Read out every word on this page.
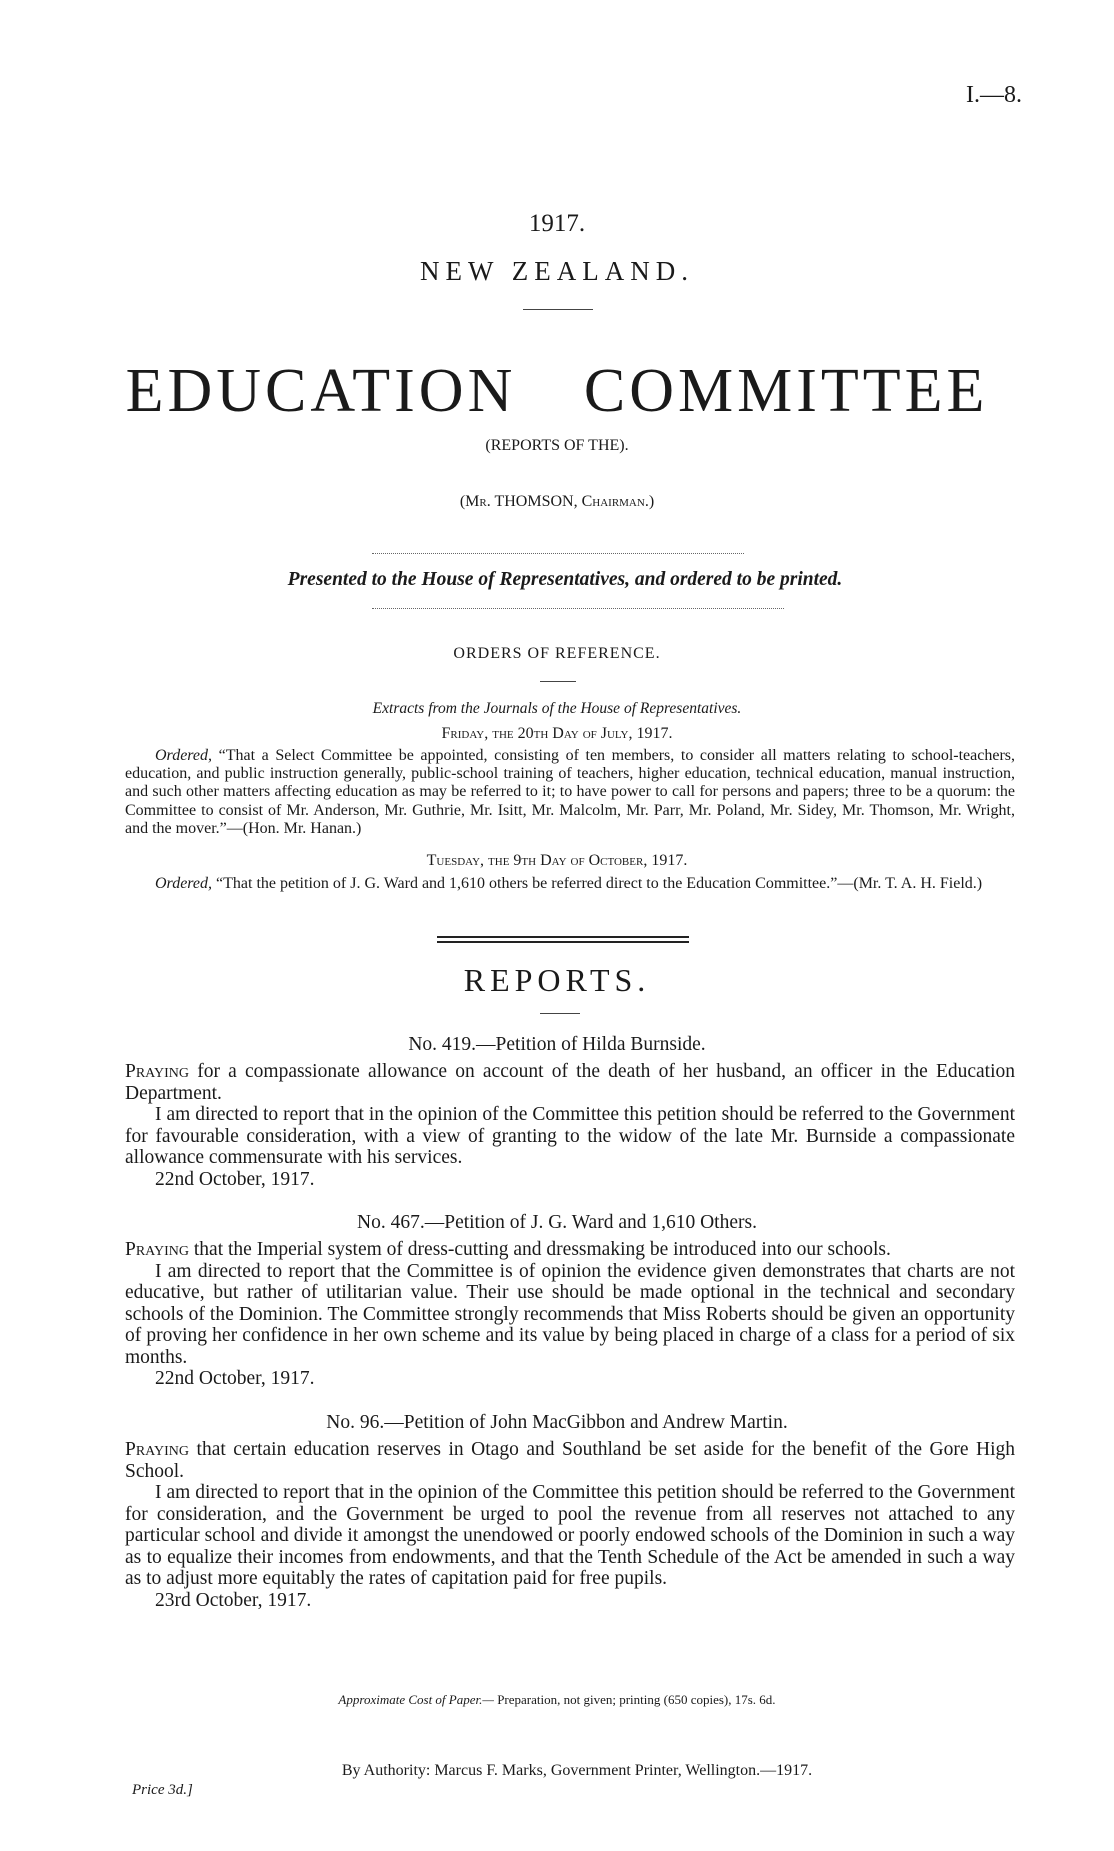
I.—8.
1917.
NEW ZEALAND.
EDUCATION COMMITTEE
(REPORTS OF THE).
(Mr. THOMSON, Chairman.)
Presented to the House of Representatives, and ordered to be printed.
ORDERS OF REFERENCE.
Extracts from the Journals of the House of Representatives.
Friday, the 20th Day of July, 1917.

Ordered, “That a Select Committee be appointed, consisting of ten members, to consider all matters relating to school-teachers, education, and public instruction generally, public-school training of teachers, higher education, technical education, manual instruction, and such other matters affecting education as may be referred to it; to have power to call for persons and papers; three to be a quorum: the Committee to consist of Mr. Anderson, Mr. Guthrie, Mr. Isitt, Mr. Malcolm, Mr. Parr, Mr. Poland, Mr. Sidey, Mr. Thomson, Mr. Wright, and the mover.”—(Hon. Mr. Hanan.)

Tuesday, the 9th Day of October, 1917.

Ordered, “That the petition of J. G. Ward and 1,610 others be referred direct to the Education Committee.”—(Mr. T. A. H. Field.)

REPORTS.
No. 419.—Petition of Hilda Burnside.

Praying for a compassionate allowance on account of the death of her husband, an officer in the Education Department.

I am directed to report that in the opinion of the Committee this petition should be referred to the Government for favourable consideration, with a view of granting to the widow of the late Mr. Burnside a compassionate allowance commensurate with his services.

22nd October, 1917.

No. 467.—Petition of J. G. Ward and 1,610 Others.

Praying that the Imperial system of dress-cutting and dressmaking be introduced into our schools.

I am directed to report that the Committee is of opinion the evidence given demonstrates that charts are not educative, but rather of utilitarian value. Their use should be made optional in the technical and secondary schools of the Dominion. The Committee strongly recommends that Miss Roberts should be given an opportunity of proving her confidence in her own scheme and its value by being placed in charge of a class for a period of six months.

22nd October, 1917.

No. 96.—Petition of John MacGibbon and Andrew Martin.

Praying that certain education reserves in Otago and Southland be set aside for the benefit of the Gore High School.

I am directed to report that in the opinion of the Committee this petition should be referred to the Government for consideration, and the Government be urged to pool the revenue from all reserves not attached to any particular school and divide it amongst the unendowed or poorly endowed schools of the Dominion in such a way as to equalize their incomes from endowments, and that the Tenth Schedule of the Act be amended in such a way as to adjust more equitably the rates of capitation paid for free pupils.

23rd October, 1917.

Approximate Cost of Paper.— Preparation, not given; printing (650 copies), 17s. 6d.
By Authority: Marcus F. Marks, Government Printer, Wellington.—1917.
Price 3d.]
